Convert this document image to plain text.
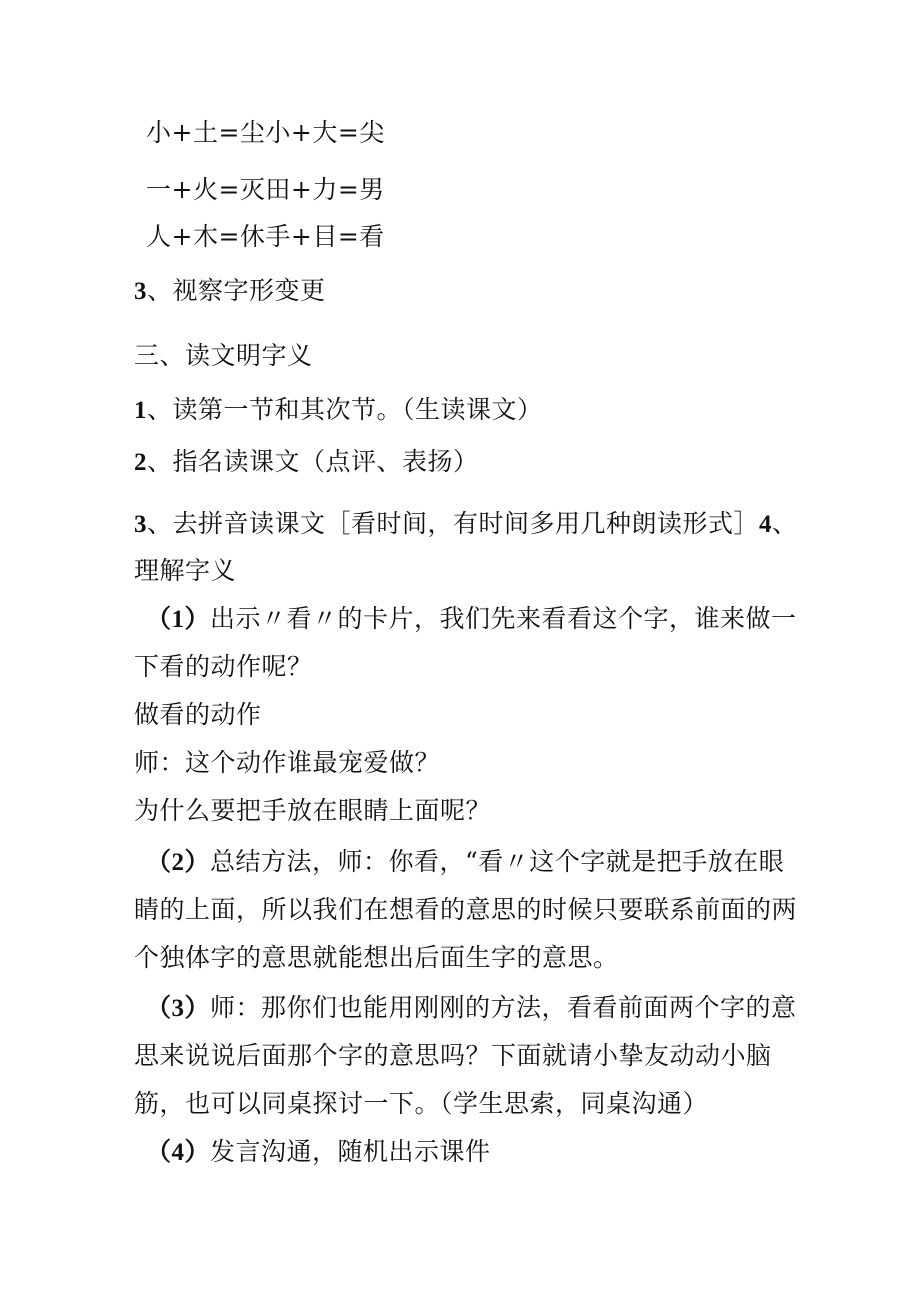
小+土=尘小+大=尖
一+火=灭田+力=男
人+木=休手+目=看
3、视察字形变更
三、读文明字义
1、读第一节和其次节。（生读课文）
2、指名读课文（点评、表扬）
3、去拼音读课文［看时间，有时间多用几种朗读形式］4、
理解字义
（1）出示〃看〃的卡片，我们先来看看这个字，谁来做一
下看的动作呢？
做看的动作
师：这个动作谁最宠爱做？
为什么要把手放在眼睛上面呢？
（2）总结方法，师：你看，“看〃这个字就是把手放在眼
睛的上面，所以我们在想看的意思的时候只要联系前面的两
个独体字的意思就能想出后面生字的意思。
（3）师：那你们也能用刚刚的方法，看看前面两个字的意
思来说说后面那个字的意思吗？下面就请小挚友动动小脑
筋，也可以同桌探讨一下。（学生思索，同桌沟通）
（4）发言沟通，随机出示课件
